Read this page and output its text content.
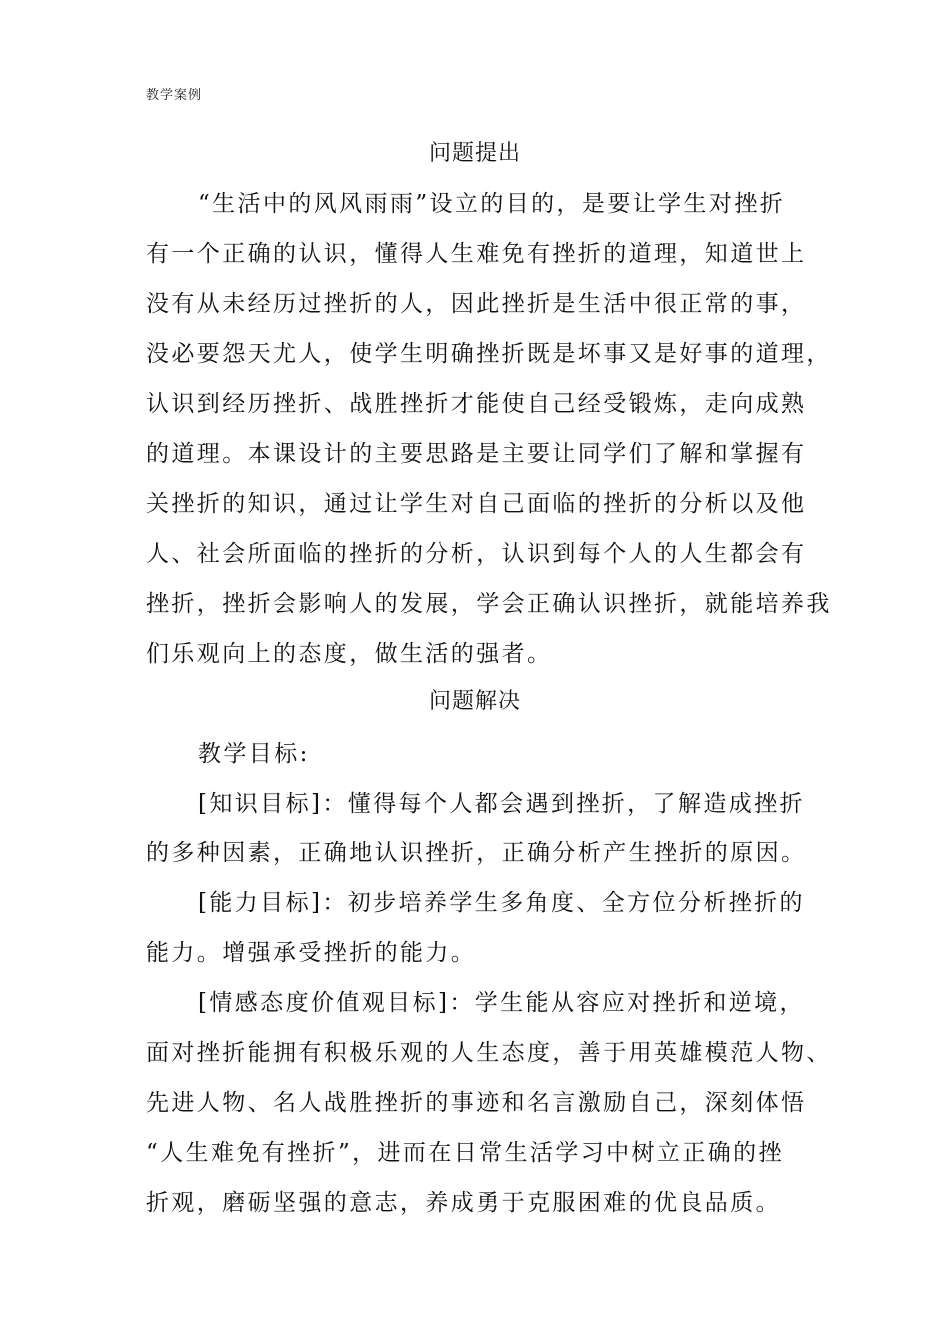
教学案例
问题提出
“生活中的风风雨雨”设立的目的，是要让学生对挫折
有一个正确的认识，懂得人生难免有挫折的道理，知道世上
没有从未经历过挫折的人，因此挫折是生活中很正常的事，
没必要怨天尤人，使学生明确挫折既是坏事又是好事的道理，
认识到经历挫折、战胜挫折才能使自己经受锻炼，走向成熟
的道理。本课设计的主要思路是主要让同学们了解和掌握有
关挫折的知识，通过让学生对自己面临的挫折的分析以及他
人、社会所面临的挫折的分析，认识到每个人的人生都会有
挫折，挫折会影响人的发展，学会正确认识挫折，就能培养我
们乐观向上的态度，做生活的强者。
问题解决
教学目标:
[知识目标]：懂得每个人都会遇到挫折，了解造成挫折
的多种因素，正确地认识挫折，正确分析产生挫折的原因。
[能力目标]：初步培养学生多角度、全方位分析挫折的
能力。增强承受挫折的能力。
[情感态度价值观目标]：学生能从容应对挫折和逆境，
面对挫折能拥有积极乐观的人生态度，善于用英雄模范人物、
先进人物、名人战胜挫折的事迹和名言激励自己，深刻体悟
“人生难免有挫折”，进而在日常生活学习中树立正确的挫
折观，磨砺坚强的意志，养成勇于克服困难的优良品质。
